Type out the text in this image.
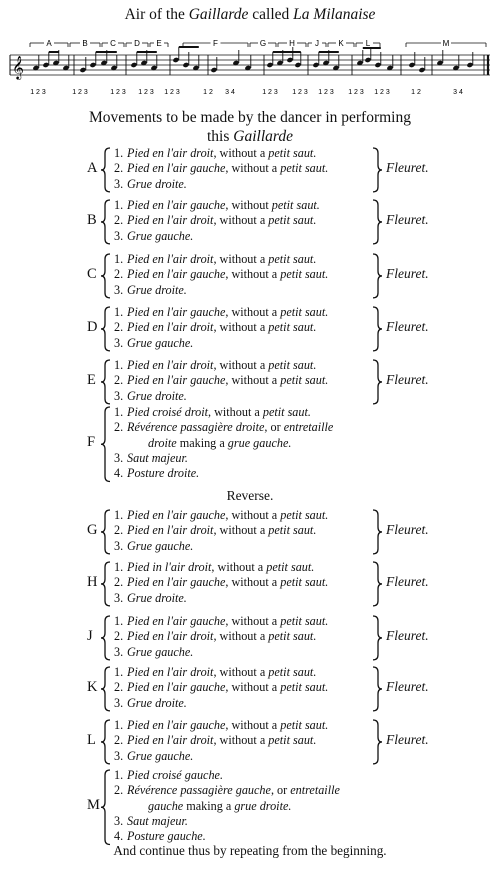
Air of the Gaillarde called La Milanaise
𝄞
A	B	C D E	F	G	H	J K	L	M
1 2 3	1 2 3	1 2 3 1 2 3 1 2 3	1 2 3 4	1 2 3 1 2 3 1 2 3 1 2 3 1 2 3	1 2	3 4
Movements to be made by the dancer in performing
this Gaillarde
A
1. Pied en l'air droit, without a petit saut.
2. Pied en l'air gauche, without a petit saut.
3. Grue droite.
Fleuret.
B
1. Pied en l'air gauche, without petit saut.
2. Pied en l'air droit, without a petit saut.
3. Grue gauche.
Fleuret.
C
1. Pied en l'air droit, without a petit saut.
2. Pied en l'air gauche, without a petit saut.
3. Grue droite.
Fleuret.
D
1. Pied en l'air gauche, without a petit saut.
2. Pied en l'air droit, without a petit saut.
3. Grue gauche.
Fleuret.
E
1. Pied en l'air droit, without a petit saut.
2. Pied en l'air gauche, without a petit saut.
3. Grue droite.
Fleuret.
F
1. Pied croisé droit, without a petit saut.
2. Révérence passagière droite, or entretaille
droite making a grue gauche.
3. Saut majeur.
4. Posture droite.
G
1. Pied en l'air gauche, without a petit saut.
2. Pied en l'air droit, without a petit saut.
3. Grue gauche.
Fleuret.
H
1. Pied in l'air droit, without a petit saut.
2. Pied en l'air gauche, without a petit saut.
3. Grue droite.
Fleuret.
J
1. Pied en l'air gauche, without a petit saut.
2. Pied en l'air droit, without a petit saut.
3. Grue gauche.
Fleuret.
K
1. Pied en l'air droit, without a petit saut.
2. Pied en l'air gauche, without a petit saut.
3. Grue droite.
Fleuret.
L
1. Pied en l'air gauche, without a petit saut.
2. Pied en l'air droit, without a petit saut.
3. Grue gauche.
Fleuret.
M
1. Pied croisé gauche.
2. Révérence passagière gauche, or entretaille
gauche making a grue droite.
3. Saut majeur.
4. Posture gauche.
Reverse.
And continue thus by repeating from the beginning.
